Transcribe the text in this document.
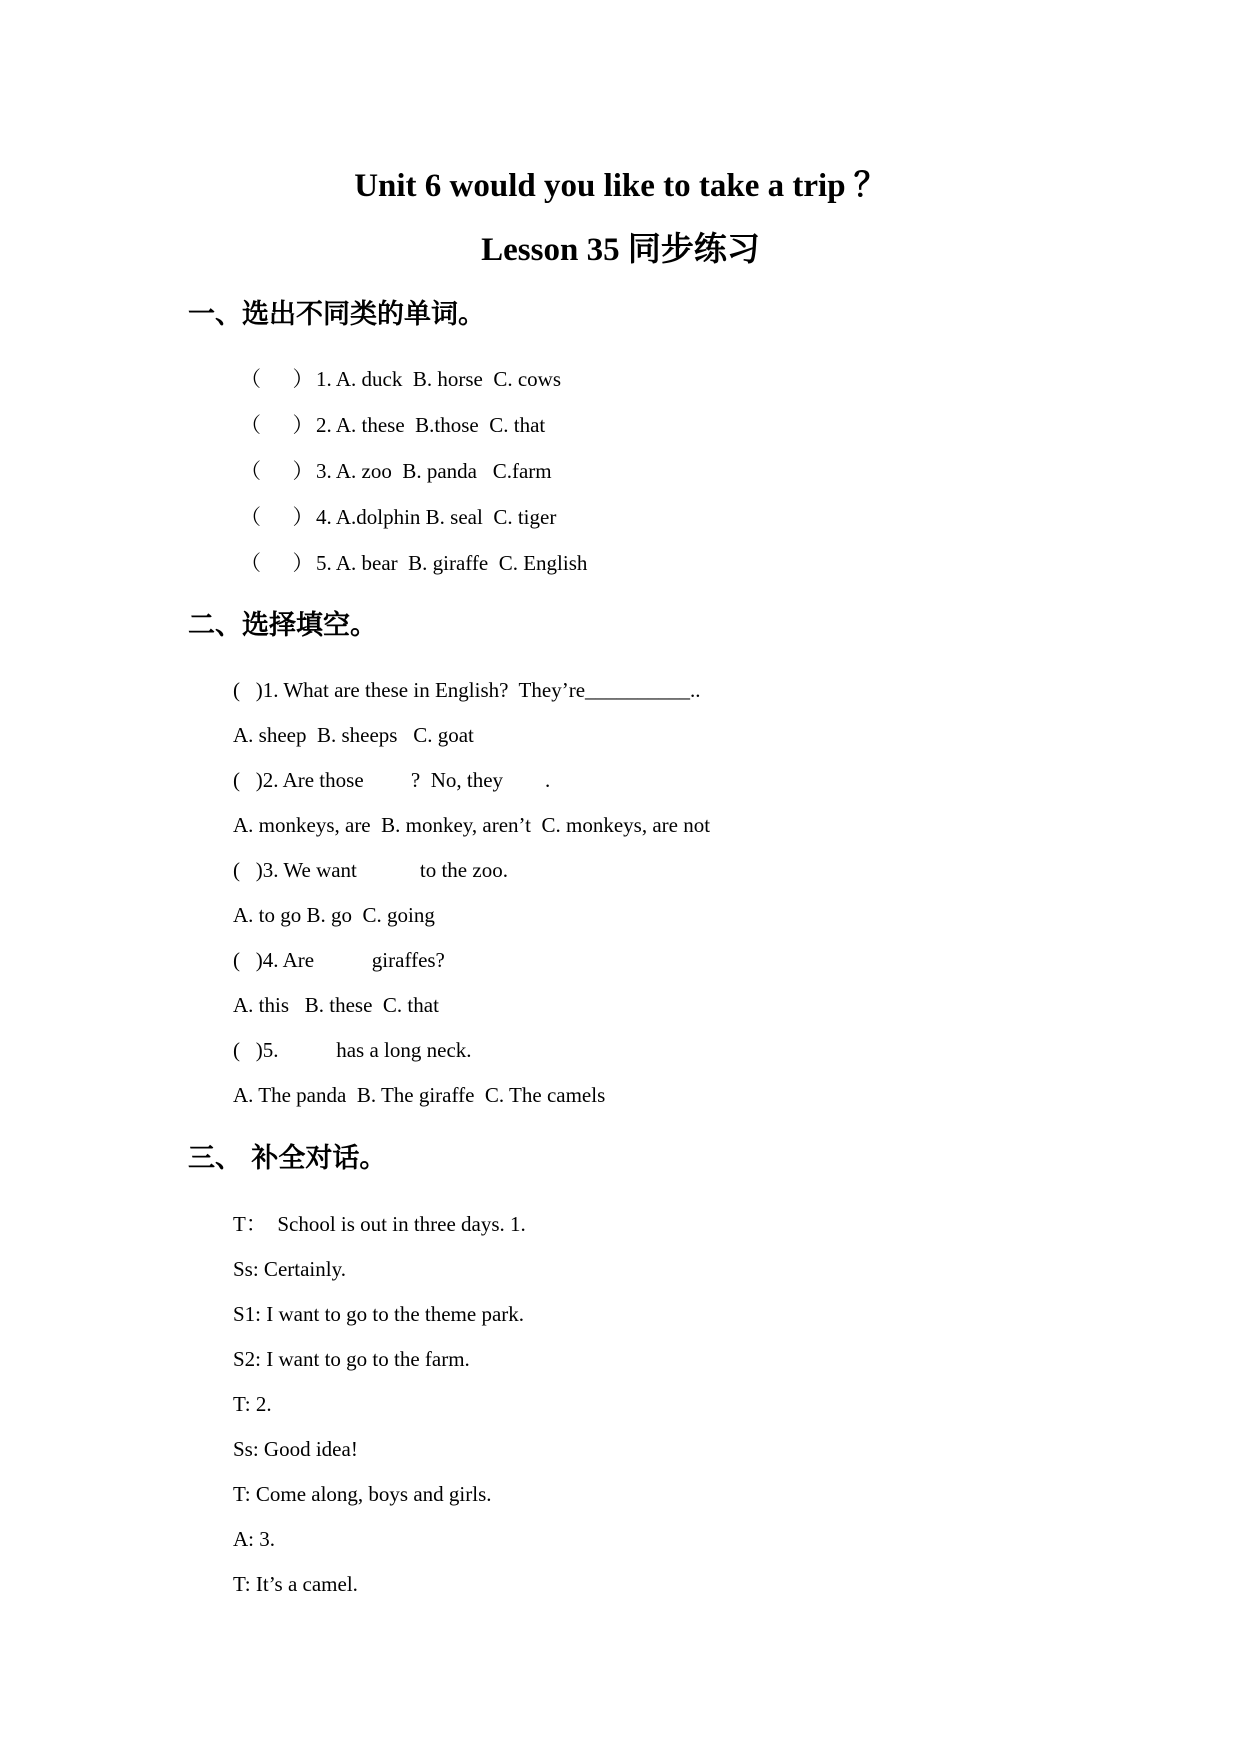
Unit 6 would you like to take a trip ？
Lesson 35 同步练习
一、选出不同类的单词。
（      ） 1. A. duck  B. horse  C. cows
（      ） 2. A. these  B.those  C. that
（      ） 3. A. zoo  B. panda   C.farm
（      ） 4. A.dolphin B. seal  C. tiger
（      ） 5. A. bear  B. giraffe  C. English
二、选择填空。
(   )1. What are these in English?  They’re__________..
A. sheep  B. sheeps   C. goat
(   )2. Are those         ?  No, they        .
A. monkeys, are  B. monkey, aren’t  C. monkeys, are not
(   )3. We want            to the zoo.
A. to go B. go  C. going
(   )4. Are           giraffes?
A. this   B. these  C. that
(   )5.           has a long neck.
A. The panda  B. The giraffe  C. The camels
三、 补全对话。
T：  School is out in three days. 1.
Ss: Certainly.
S1: I want to go to the theme park.
S2: I want to go to the farm.
T: 2.
Ss: Good idea!
T: Come along, boys and girls.
A: 3.
T: It’s a camel.
